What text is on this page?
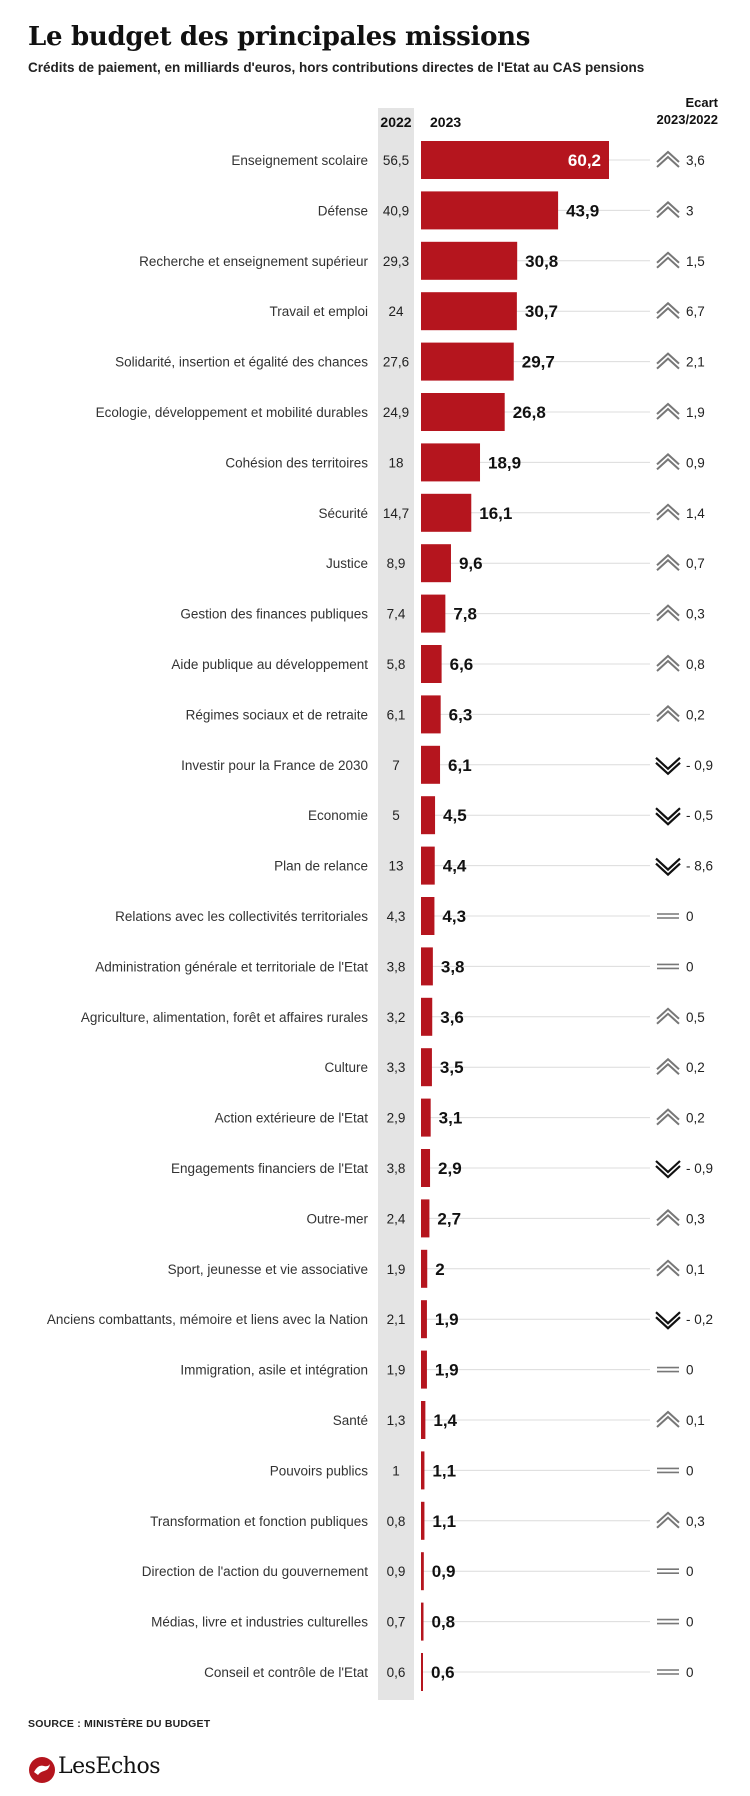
Le budget des principales missions

Crédits de paiement, en milliards d'euros, hors contributions directes de l'Etat au CAS pensions

2022 2023
Ecart
2023/2022
Enseignement scolaire 56,5	60,2	3,6
Défense 40,9	43,9	3
Recherche et enseignement supérieur 29,3	30,8	1,5
Travail et emploi 24	30,7	6,7
Solidarité, insertion et égalité des chances 27,6	29,7	2,1
Ecologie, développement et mobilité durables 24,9	26,8	1,9
Cohésion des territoires 18	18,9	0,9
Sécurité 14,7	16,1	1,4
Justice 8,9	9,6	0,7
Gestion des finances publiques 7,4	7,8	0,3
Aide publique au développement 5,8	6,6	0,8
Régimes sociaux et de retraite 6,1	6,3	0,2
Investir pour la France de 2030 7	6,1	- 0,9
Economie 5	4,5	- 0,5
Plan de relance 13 4,4	- 8,6
Relations avec les collectivités territoriales 4,3 4,3	0
Administration générale et territoriale de l'Etat 3,8 3,8	0
Agriculture, alimentation, forêt et affaires rurales 3,2 3,6	0,5
Culture 3,3 3,5	0,2
Action extérieure de l'Etat 2,9 3,1	0,2
Engagements financiers de l'Etat 3,8 2,9	- 0,9
Outre-mer 2,4 2,7	0,3
Sport, jeunesse et vie associative 1,9 2	0,1
Anciens combattants, mémoire et liens avec la Nation 2,1 1,9	- 0,2
Immigration, asile et intégration 1,9 1,9	0
Santé 1,3 1,4	0,1
Pouvoirs publics 1 1,1	0
Transformation et fonction publiques 0,8 1,1	0,3
Direction de l'action du gouvernement 0,9 0,9	0
Médias, livre et industries culturelles 0,7 0,8	0
Conseil et contrôle de l'Etat 0,6 0,6	0
SOURCE : MINISTÈRE DU BUDGET
LesEchos
